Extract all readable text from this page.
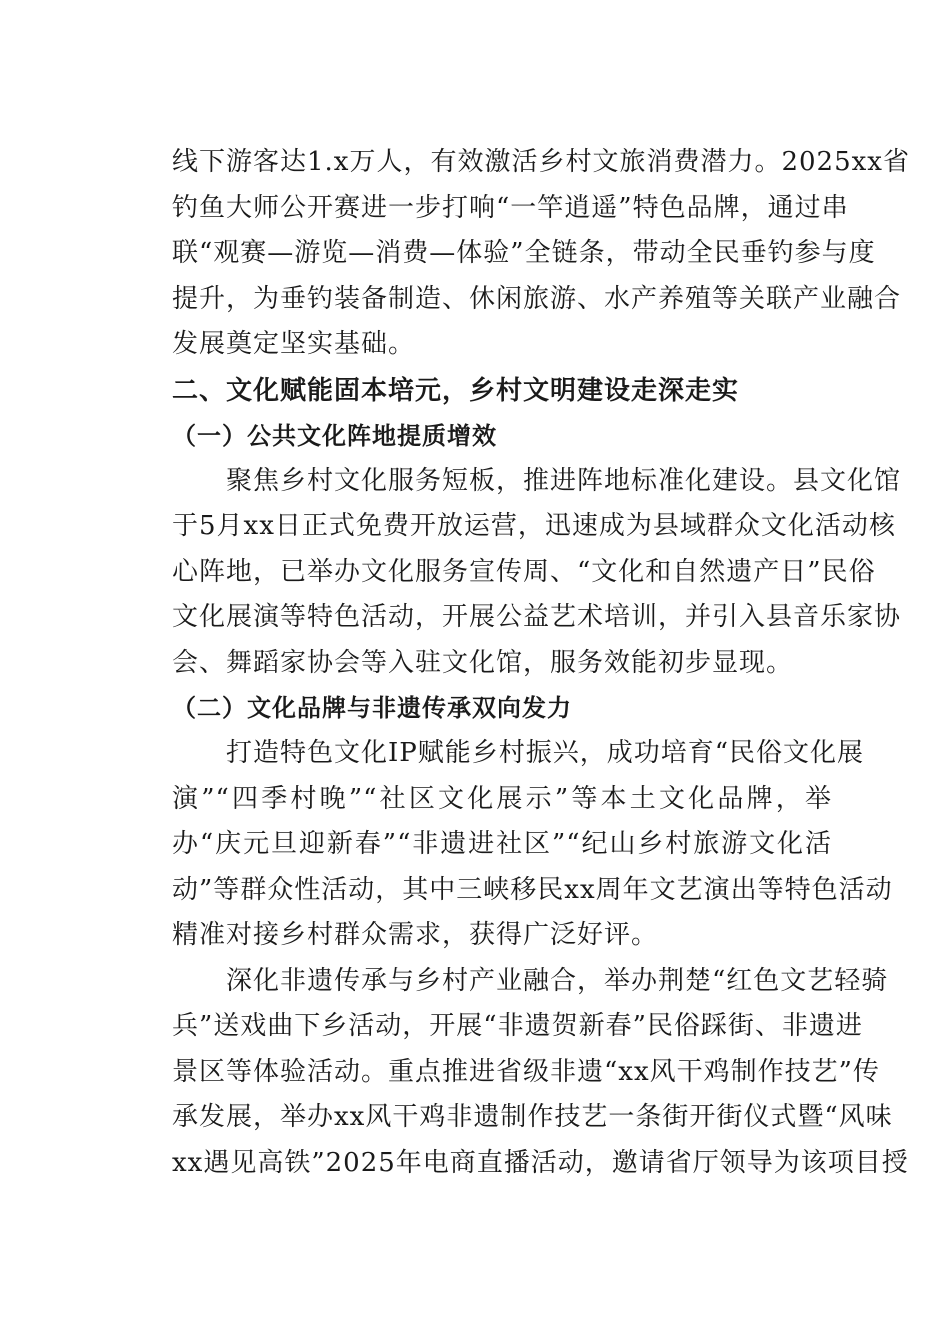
线下游客达1.x万人，有效激活乡村文旅消费潜力。2025xx省
钓鱼大师公开赛进一步打响“一竿逍遥”特色品牌，通过串
联“观赛—游览—消费—体验”全链条，带动全民垂钓参与度
提升，为垂钓装备制造、休闲旅游、水产养殖等关联产业融合
发展奠定坚实基础。
二、文化赋能固本培元，乡村文明建设走深走实
（一）公共文化阵地提质增效
聚焦乡村文化服务短板，推进阵地标准化建设。县文化馆
于5月xx日正式免费开放运营，迅速成为县域群众文化活动核
心阵地，已举办文化服务宣传周、“文化和自然遗产日”民俗
文化展演等特色活动，开展公益艺术培训，并引入县音乐家协
会、舞蹈家协会等入驻文化馆，服务效能初步显现。
（二）文化品牌与非遗传承双向发力
打造特色文化IP赋能乡村振兴，成功培育“民俗文化展
演”“四季村晚”“社区文化展示”等本土文化品牌，举
办“庆元旦迎新春”“非遗进社区”“纪山乡村旅游文化活
动”等群众性活动，其中三峡移民xx周年文艺演出等特色活动
精准对接乡村群众需求，获得广泛好评。
深化非遗传承与乡村产业融合，举办荆楚“红色文艺轻骑
兵”送戏曲下乡活动，开展“非遗贺新春”民俗踩街、非遗进
景区等体验活动。重点推进省级非遗“xx风干鸡制作技艺”传
承发展，举办xx风干鸡非遗制作技艺一条街开街仪式暨“风味
xx遇见高铁”2025年电商直播活动，邀请省厅领导为该项目授
